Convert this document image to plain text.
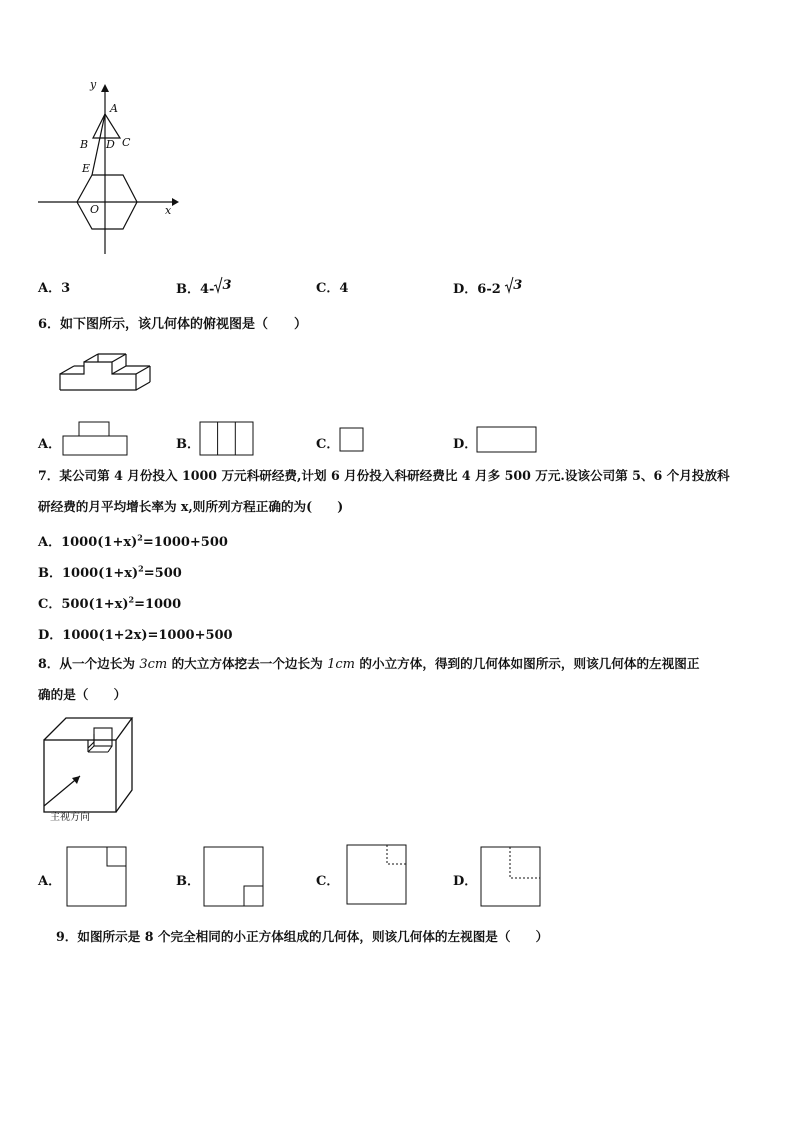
y
A
B D C
E
O	x
A．3	B．4- 3	C．4	D．6-2 3
6．如下图所示，该几何体的俯视图是（　　）
A．	B．	C．	D．
7．某公司第 4 月份投入 1000 万元科研经费,计划 6 月份投入科研经费比 4 月多 500 万元.设该公司第 5、6 个月投放科
研经费的月平均增长率为 x,则所列方程正确的为(　　)
A．$1000(1+x)^2=1000+500$
B．$1000(1+x)^2=500$
C．$500(1+x)^2=1000$
D．1000(1+2x)=1000+500
8．从一个边长为 3cm 的大立方体挖去一个边长为 1cm 的小立方体，得到的几何体如图所示，则该几何体的左视图正
确的是（　　）
主视方向
A．	B．	C．	D．
9．如图所示是 8 个完全相同的小正方体组成的几何体，则该几何体的左视图是（　　）
